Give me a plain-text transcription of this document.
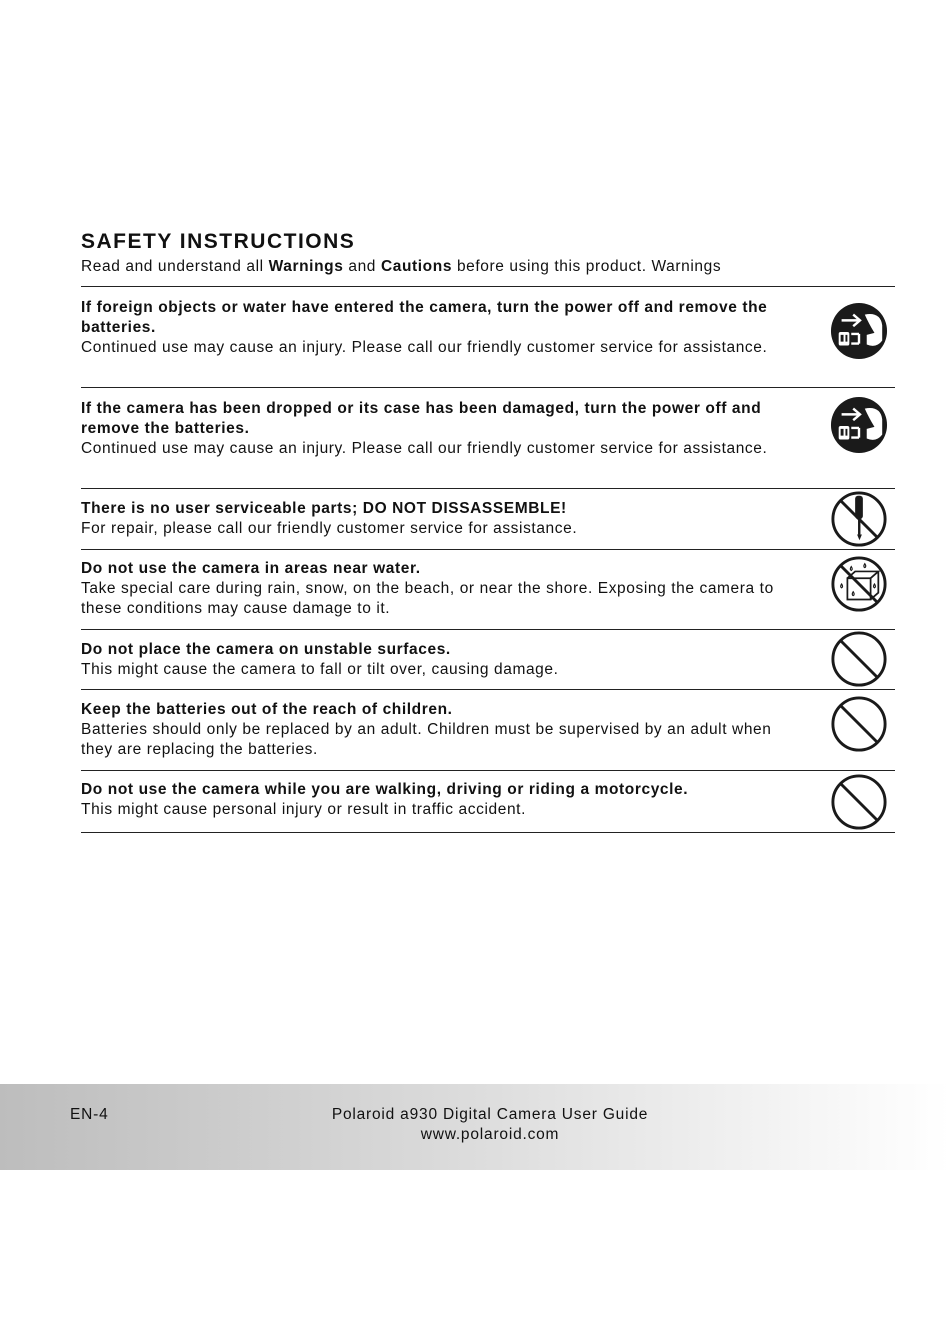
SAFETY INSTRUCTIONS
Read and understand all Warnings and Cautions before using this product. Warnings
If foreign objects or water have entered the camera, turn the power off and remove the batteries.
Continued use may cause an injury. Please call our friendly customer service for assistance.
If the camera has been dropped or its case has been damaged, turn the power off and remove the batteries.
Continued use may cause an injury. Please call our friendly customer service for assistance.
There is no user serviceable parts; DO NOT DISSASSEMBLE!
For repair, please call our friendly customer service for assistance.
Do not use the camera in areas near water.
Take special care during rain, snow, on the beach, or near the shore. Exposing the camera to these conditions may cause damage to it.
Do not place the camera on unstable surfaces.
This might cause the camera to fall or tilt over, causing damage.
Keep the batteries out of the reach of children.
Batteries should only be replaced by an adult. Children must be supervised by an adult when they are replacing the batteries.
Do not use the camera while you are walking, driving or riding a motorcycle.
This might cause personal injury or result in traffic accident.
EN-4	Polaroid a930 Digital Camera User Guide
www.polaroid.com
